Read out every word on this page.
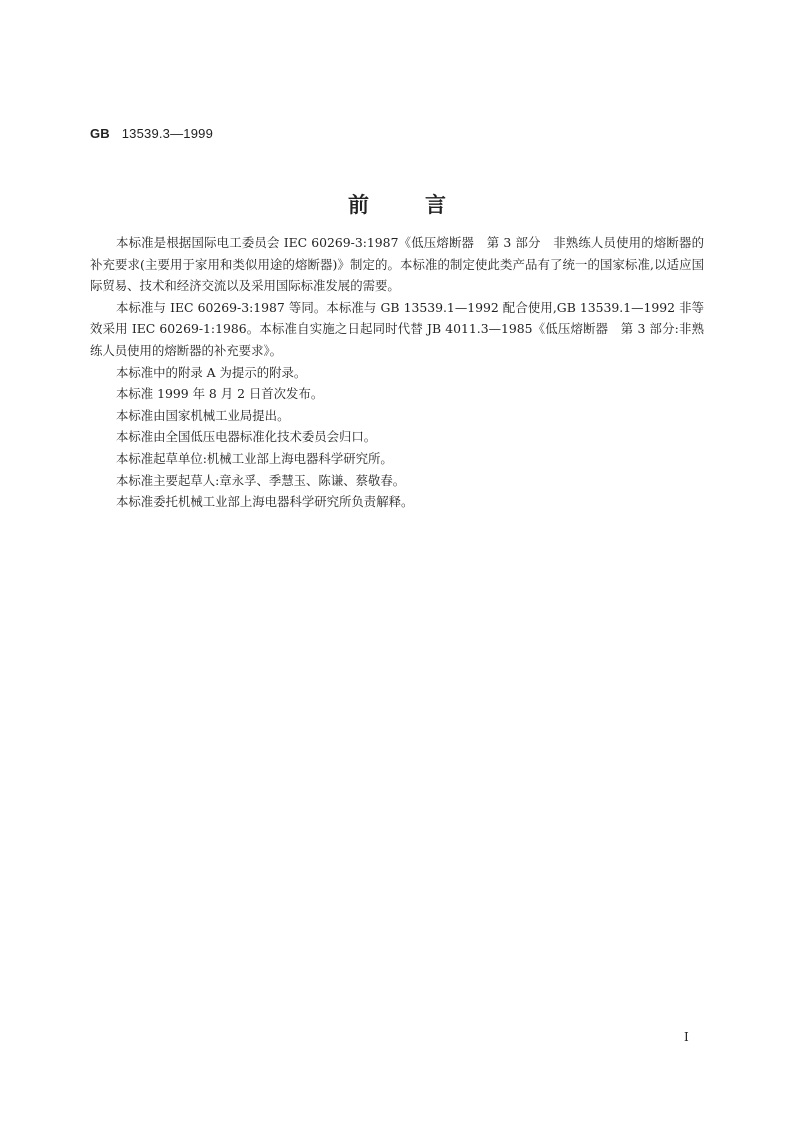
GB 13539.3—1999
前言

本标准是根据国际电工委员会 IEC 60269-3:1987《低压熔断器　第 3 部分　非熟练人员使用的熔断器的补充要求(主要用于家用和类似用途的熔断器)》制定的。本标准的制定使此类产品有了统一的国家标准,以适应国际贸易、技术和经济交流以及采用国际标准发展的需要。

本标准与 IEC 60269-3:1987 等同。本标准与 GB 13539.1—1992 配合使用,GB 13539.1—1992 非等效采用 IEC 60269-1:1986。本标准自实施之日起同时代替 JB 4011.3—1985《低压熔断器　第 3 部分:非熟练人员使用的熔断器的补充要求》。

本标准中的附录 A 为提示的附录。

本标准 1999 年 8 月 2 日首次发布。

本标准由国家机械工业局提出。

本标准由全国低压电器标准化技术委员会归口。

本标准起草单位:机械工业部上海电器科学研究所。

本标准主要起草人:章永孚、季慧玉、陈谦、蔡敬春。

本标准委托机械工业部上海电器科学研究所负责解释。

I
